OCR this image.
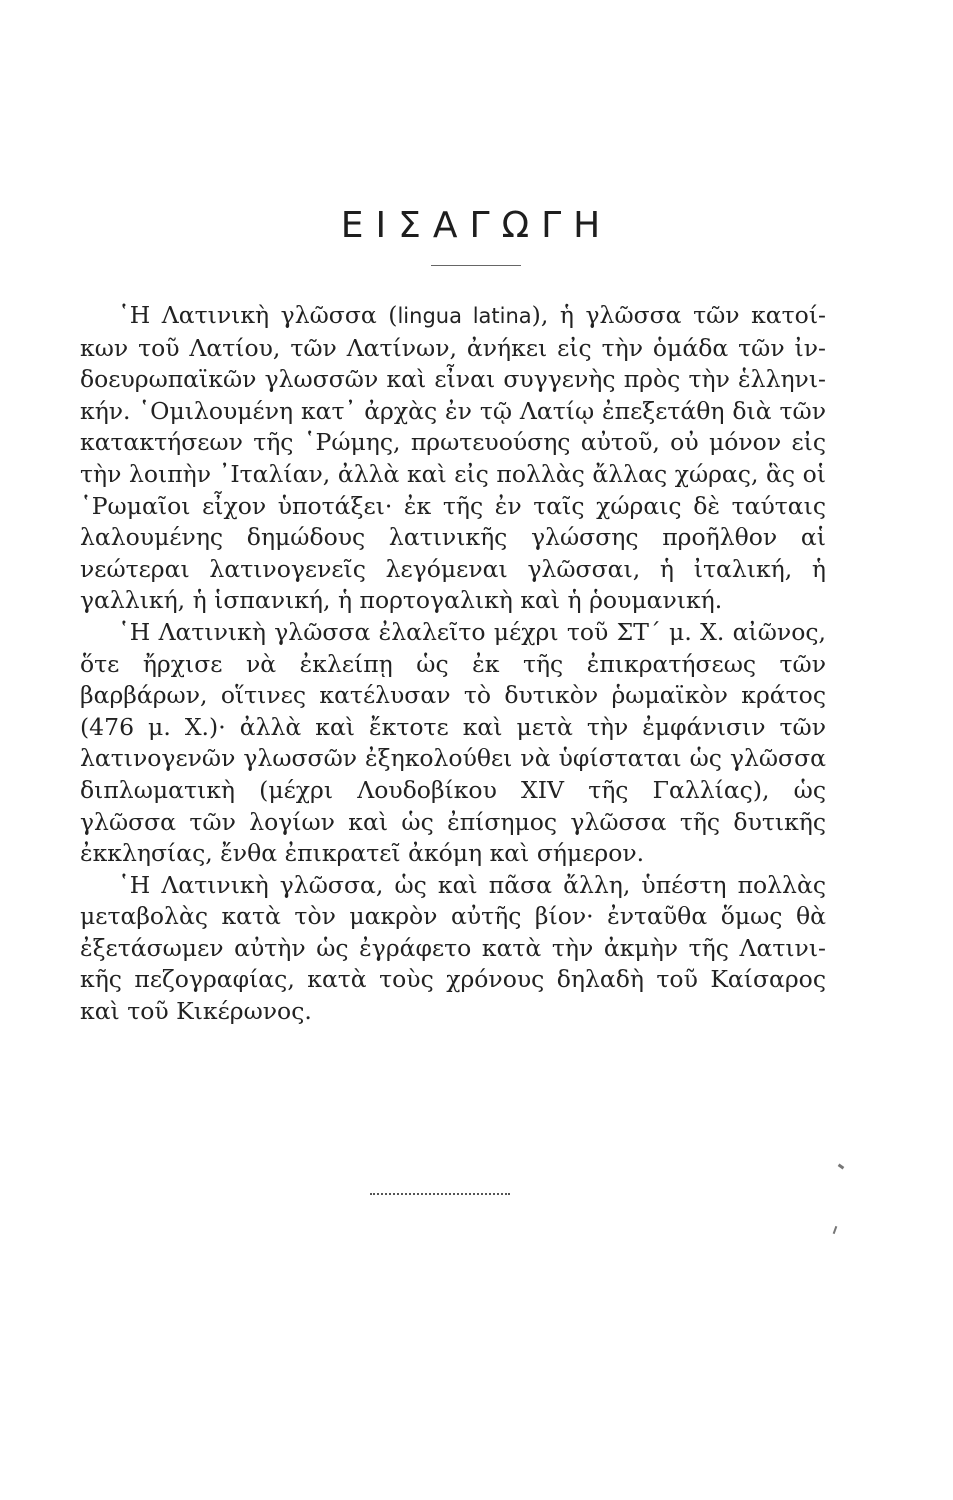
ΕΙΣΑΓΩΓΗ

῾Η Λατινικὴ γλῶσσα (lingua latina), ἡ γλῶσσα τῶν κατοίκων τοῦ Λατίου, τῶν Λατίνων, ἀνήκει εἰς τὴν ὁμάδα τῶν ἰνδοευρωπαϊκῶν γλωσσῶν καὶ εἶναι συγγενὴς πρὸς τὴν ἑλληνικήν. ῾Ομιλουμένη κατ᾽ ἀρχὰς ἐν τῷ Λατίῳ ἐπεξετάθη διὰ τῶν κατακτήσεων τῆς ῾Ρώμης, πρωτευούσης αὐτοῦ, οὐ μόνον εἰς τὴν λοιπὴν ᾿Ιταλίαν, ἀλλὰ καὶ εἰς πολλὰς ἄλλας χώρας, ἃς οἱ ῾Ρωμαῖοι εἶχον ὑποτάξει· ἐκ τῆς ἐν ταῖς χώραις δὲ ταύταις λαλουμένης δημώδους λατινικῆς γλώσσης προῆλθον αἱ νεώτεραι λατινογενεῖς λεγόμεναι γλῶσσαι, ἡ ἰταλική, ἡ γαλλική, ἡ ἱσπανική, ἡ πορτογαλικὴ καὶ ἡ ῥουμανική.

῾Η Λατινικὴ γλῶσσα ἐλαλεῖτο μέχρι τοῦ ΣΤ´ μ. Χ. αἰῶνος, ὅτε ἤρχισε νὰ ἐκλείπῃ ὡς ἐκ τῆς ἐπικρατήσεως τῶν βαρβάρων, οἵτινες κατέλυσαν τὸ δυτικὸν ῥωμαϊκὸν κράτος (476 μ. Χ.)· ἀλλὰ καὶ ἔκτοτε καὶ μετὰ τὴν ἐμφάνισιν τῶν λατινογενῶν γλωσσῶν ἐξηκολούθει νὰ ὑφίσταται ὡς γλῶσσα διπλωματικὴ (μέχρι Λουδοβίκου XIV τῆς Γαλλίας), ὡς γλῶσσα τῶν λογίων καὶ ὡς ἐπίσημος γλῶσσα τῆς δυτικῆς ἐκκλησίας, ἔνθα ἐπικρατεῖ ἀκόμη καὶ σήμερον.

῾Η Λατινικὴ γλῶσσα, ὡς καὶ πᾶσα ἄλλη, ὑπέστη πολλὰς μεταβολὰς κατὰ τὸν μακρὸν αὐτῆς βίον· ἐνταῦθα ὅμως θὰ ἐξετάσωμεν αὐτὴν ὡς ἐγράφετο κατὰ τὴν ἀκμὴν τῆς Λατινικῆς πεζογραφίας, κατὰ τοὺς χρόνους δηλαδὴ τοῦ Καίσαρος καὶ τοῦ Κικέρωνος.
